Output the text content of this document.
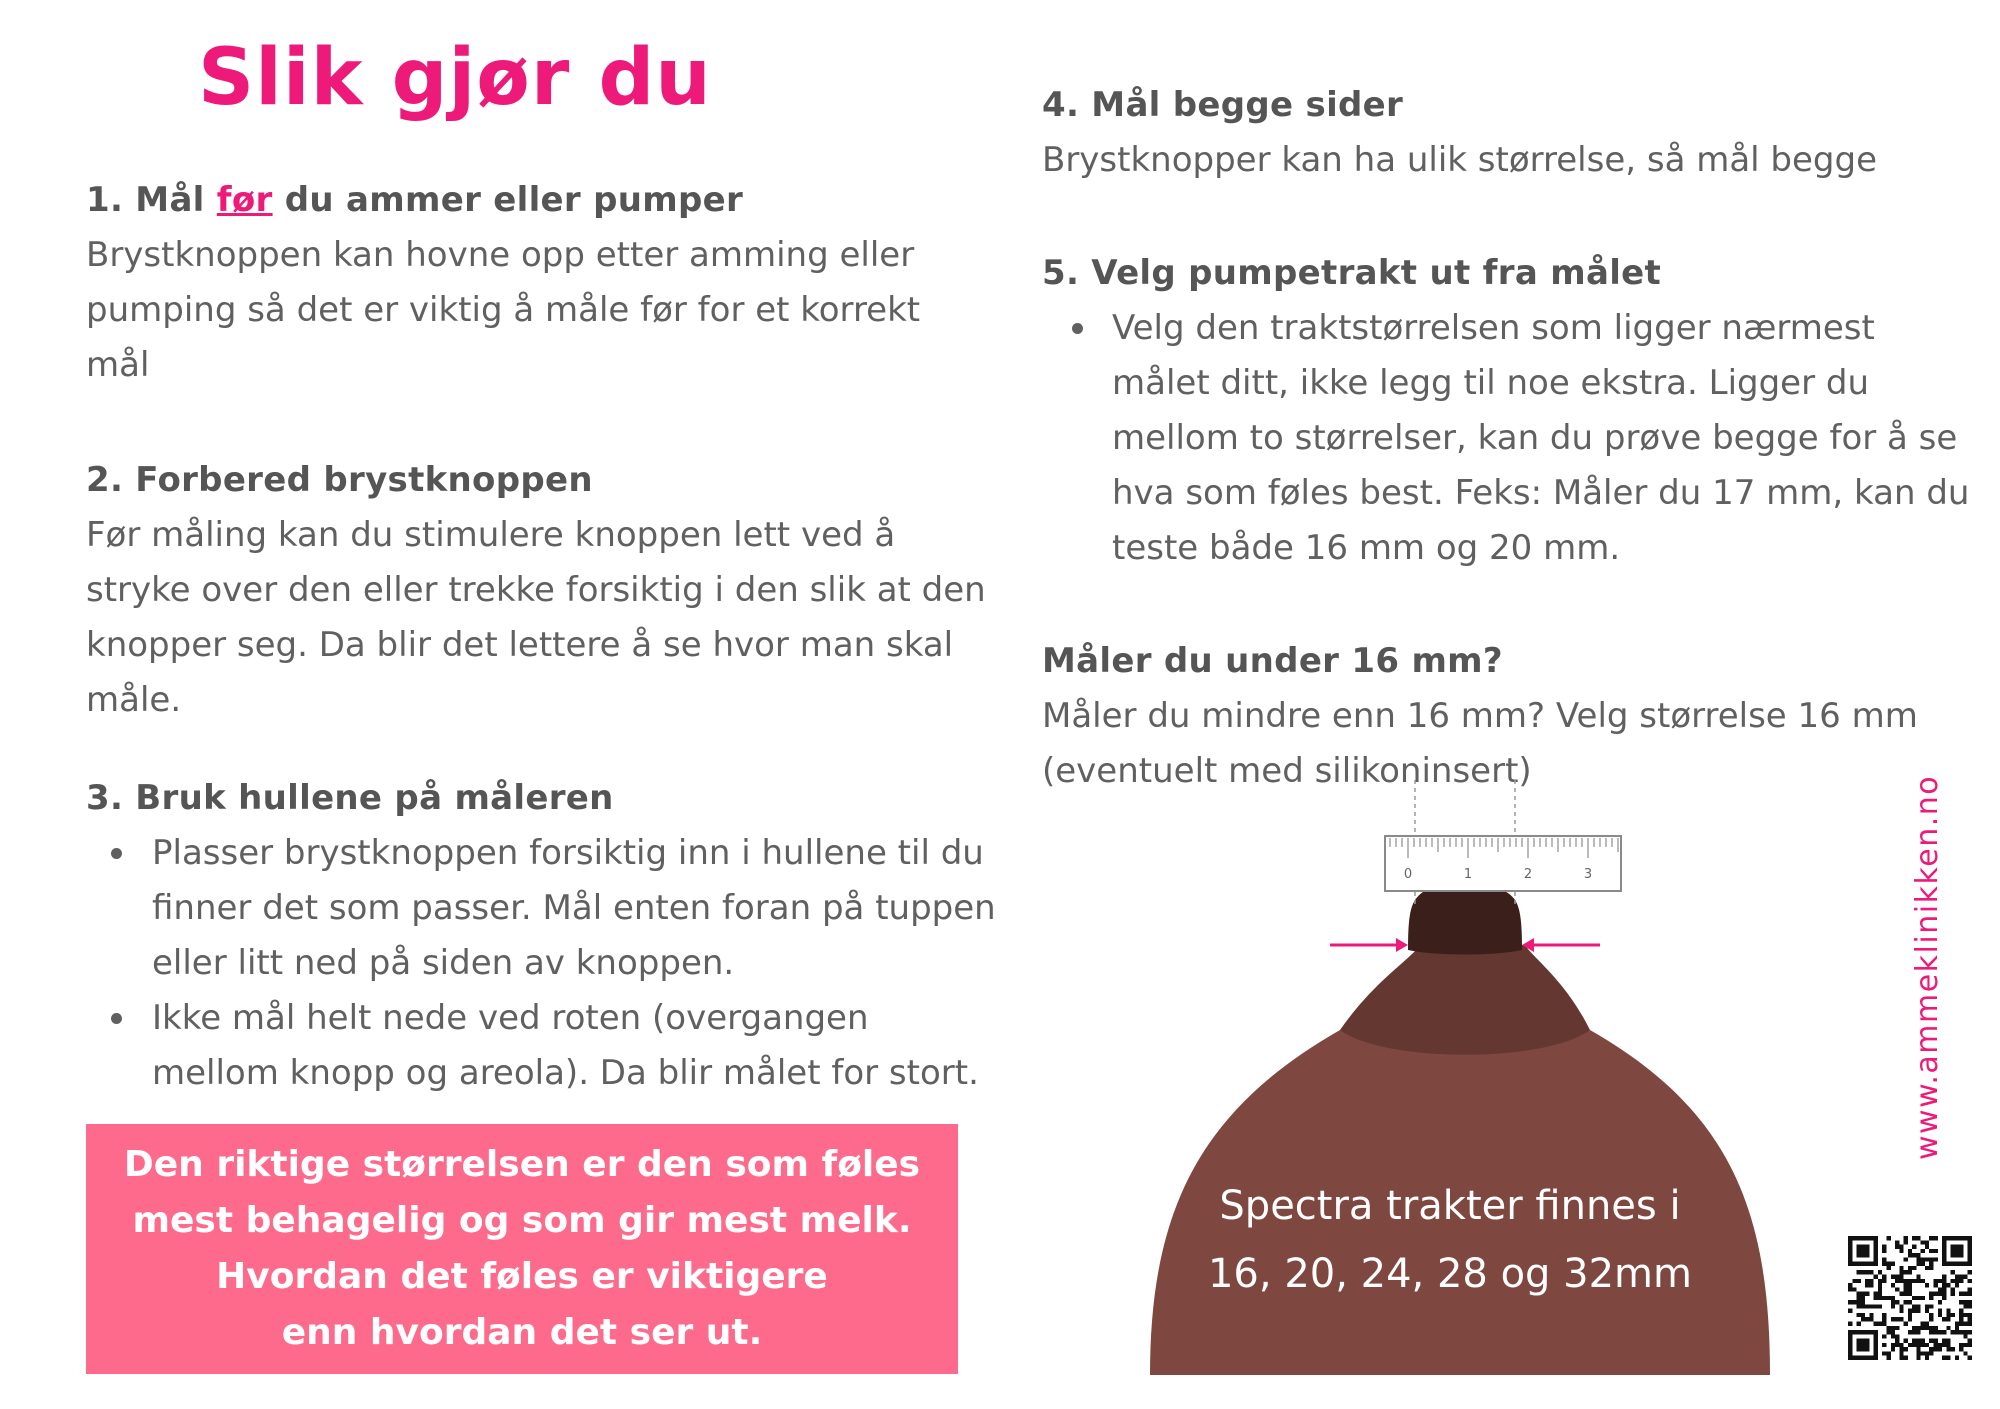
Slik gjør du
1. Mål før du ammer eller pumper

Brystknoppen kan hovne opp etter amming eller pumping så det er viktig å måle før for et korrekt mål

2. Forbered brystknoppen

Før måling kan du stimulere knoppen lett ved å stryke over den eller trekke forsiktig i den slik at den knopper seg. Da blir det lettere å se hvor man skal måle.

3. Bruk hullene på måleren
Plasser brystknoppen forsiktig inn i hullene til du finner det som passer. Mål enten foran på tuppen eller litt ned på siden av knoppen.
Ikke mål helt nede ved roten (overgangen mellom knopp og areola). Da blir målet for stort.
Den riktige størrelsen er den som føles
mest behagelig og som gir mest melk.
Hvordan det føles er viktigere
enn hvordan det ser ut.
4. Mål begge sider

Brystknopper kan ha ulik størrelse, så mål begge

5. Velg pumpetrakt ut fra målet
Velg den traktstørrelsen som ligger nærmest målet ditt, ikke legg til noe ekstra. Ligger du mellom to størrelser, kan du prøve begge for å se hva som føles best. Feks: Måler du 17 mm, kan du teste både 16 mm og 20 mm.
Måler du under 16 mm?

Måler du mindre enn 16 mm? Velg størrelse 16 mm (eventuelt med silikoninsert)

0	1	2	3
Spectra trakter finnes i
16, 20, 24, 28 og 32mm
www.ammeklinikken.no
